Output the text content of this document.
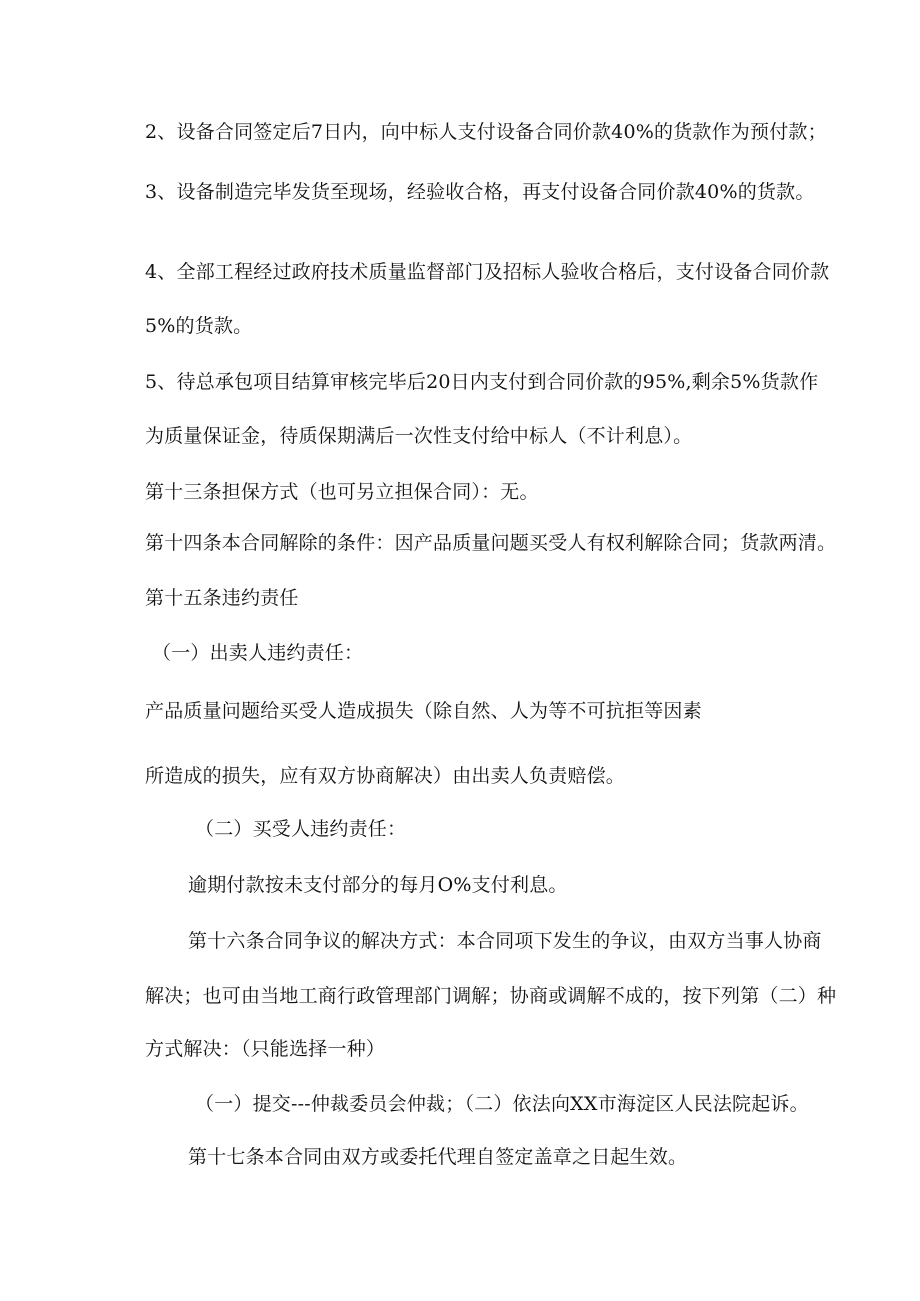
2、设备合同签定后7日内，向中标人支付设备合同价款40%的货款作为预付款；

3、设备制造完毕发货至现场，经验收合格，再支付设备合同价款40%的货款。

4、全部工程经过政府技术质量监督部门及招标人验收合格后，支付设备合同价款

5%的货款。

5、待总承包项目结算审核完毕后20日内支付到合同价款的95%,剩余5%货款作

为质量保证金，待质保期满后一次性支付给中标人（不计利息）。

第十三条担保方式（也可另立担保合同）：无。

第十四条本合同解除的条件：因产品质量问题买受人有权利解除合同；货款两清。

第十五条违约责任

（一）出卖人违约责任：

产品质量问题给买受人造成损失（除自然、人为等不可抗拒等因素

所造成的损失，应有双方协商解决）由出卖人负责赔偿。

（二）买受人违约责任：

逾期付款按未支付部分的每月O%支付利息。

第十六条合同争议的解决方式：本合同项下发生的争议，由双方当事人协商

解决；也可由当地工商行政管理部门调解；协商或调解不成的，按下列第（二）种

方式解决：（只能选择一种）

（一）提交---仲裁委员会仲裁；（二）依法向XX市海淀区人民法院起诉。

第十七条本合同由双方或委托代理自签定盖章之日起生效。
